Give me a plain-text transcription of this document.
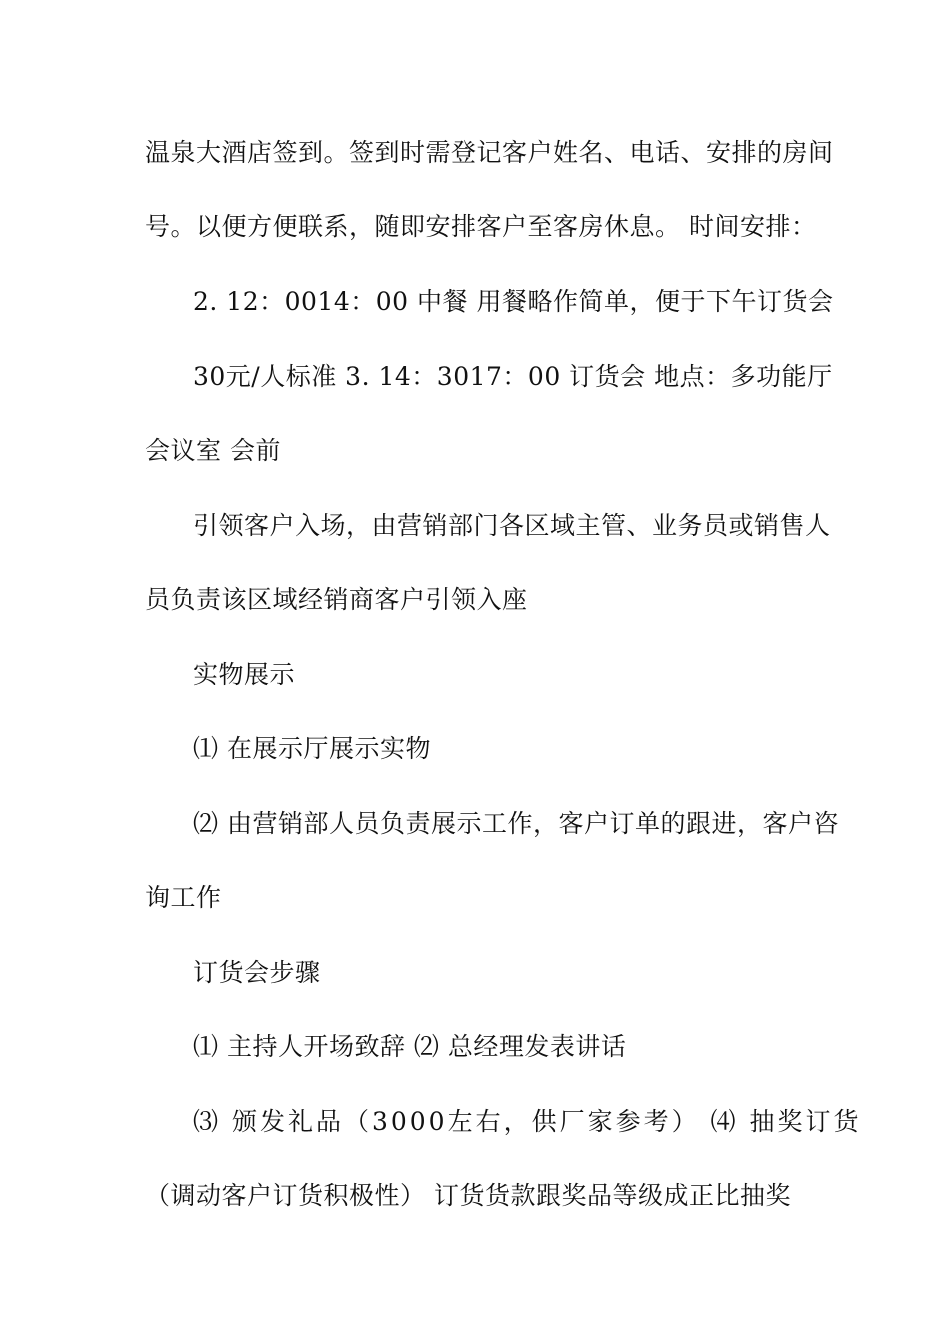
温泉大酒店签到。签到时需登记客户姓名、电话、安排的房间
号。以便方便联系，随即安排客户至客房休息。 时间安排：
2. 12：0014：00 中餐 用餐略作简单，便于下午订货会
30元/人标准 3. 14：3017：00 订货会 地点：多功能厅
会议室 会前
引领客户入场，由营销部门各区域主管、业务员或销售人
员负责该区域经销商客户引领入座
实物展示
⑴ 在展示厅展示实物
⑵ 由营销部人员负责展示工作，客户订单的跟进，客户咨
询工作
订货会步骤
⑴ 主持人开场致辞 ⑵ 总经理发表讲话
⑶ 颁发礼品（3000左右，供厂家参考） ⑷ 抽奖订货
（调动客户订货积极性） 订货货款跟奖品等级成正比抽奖
